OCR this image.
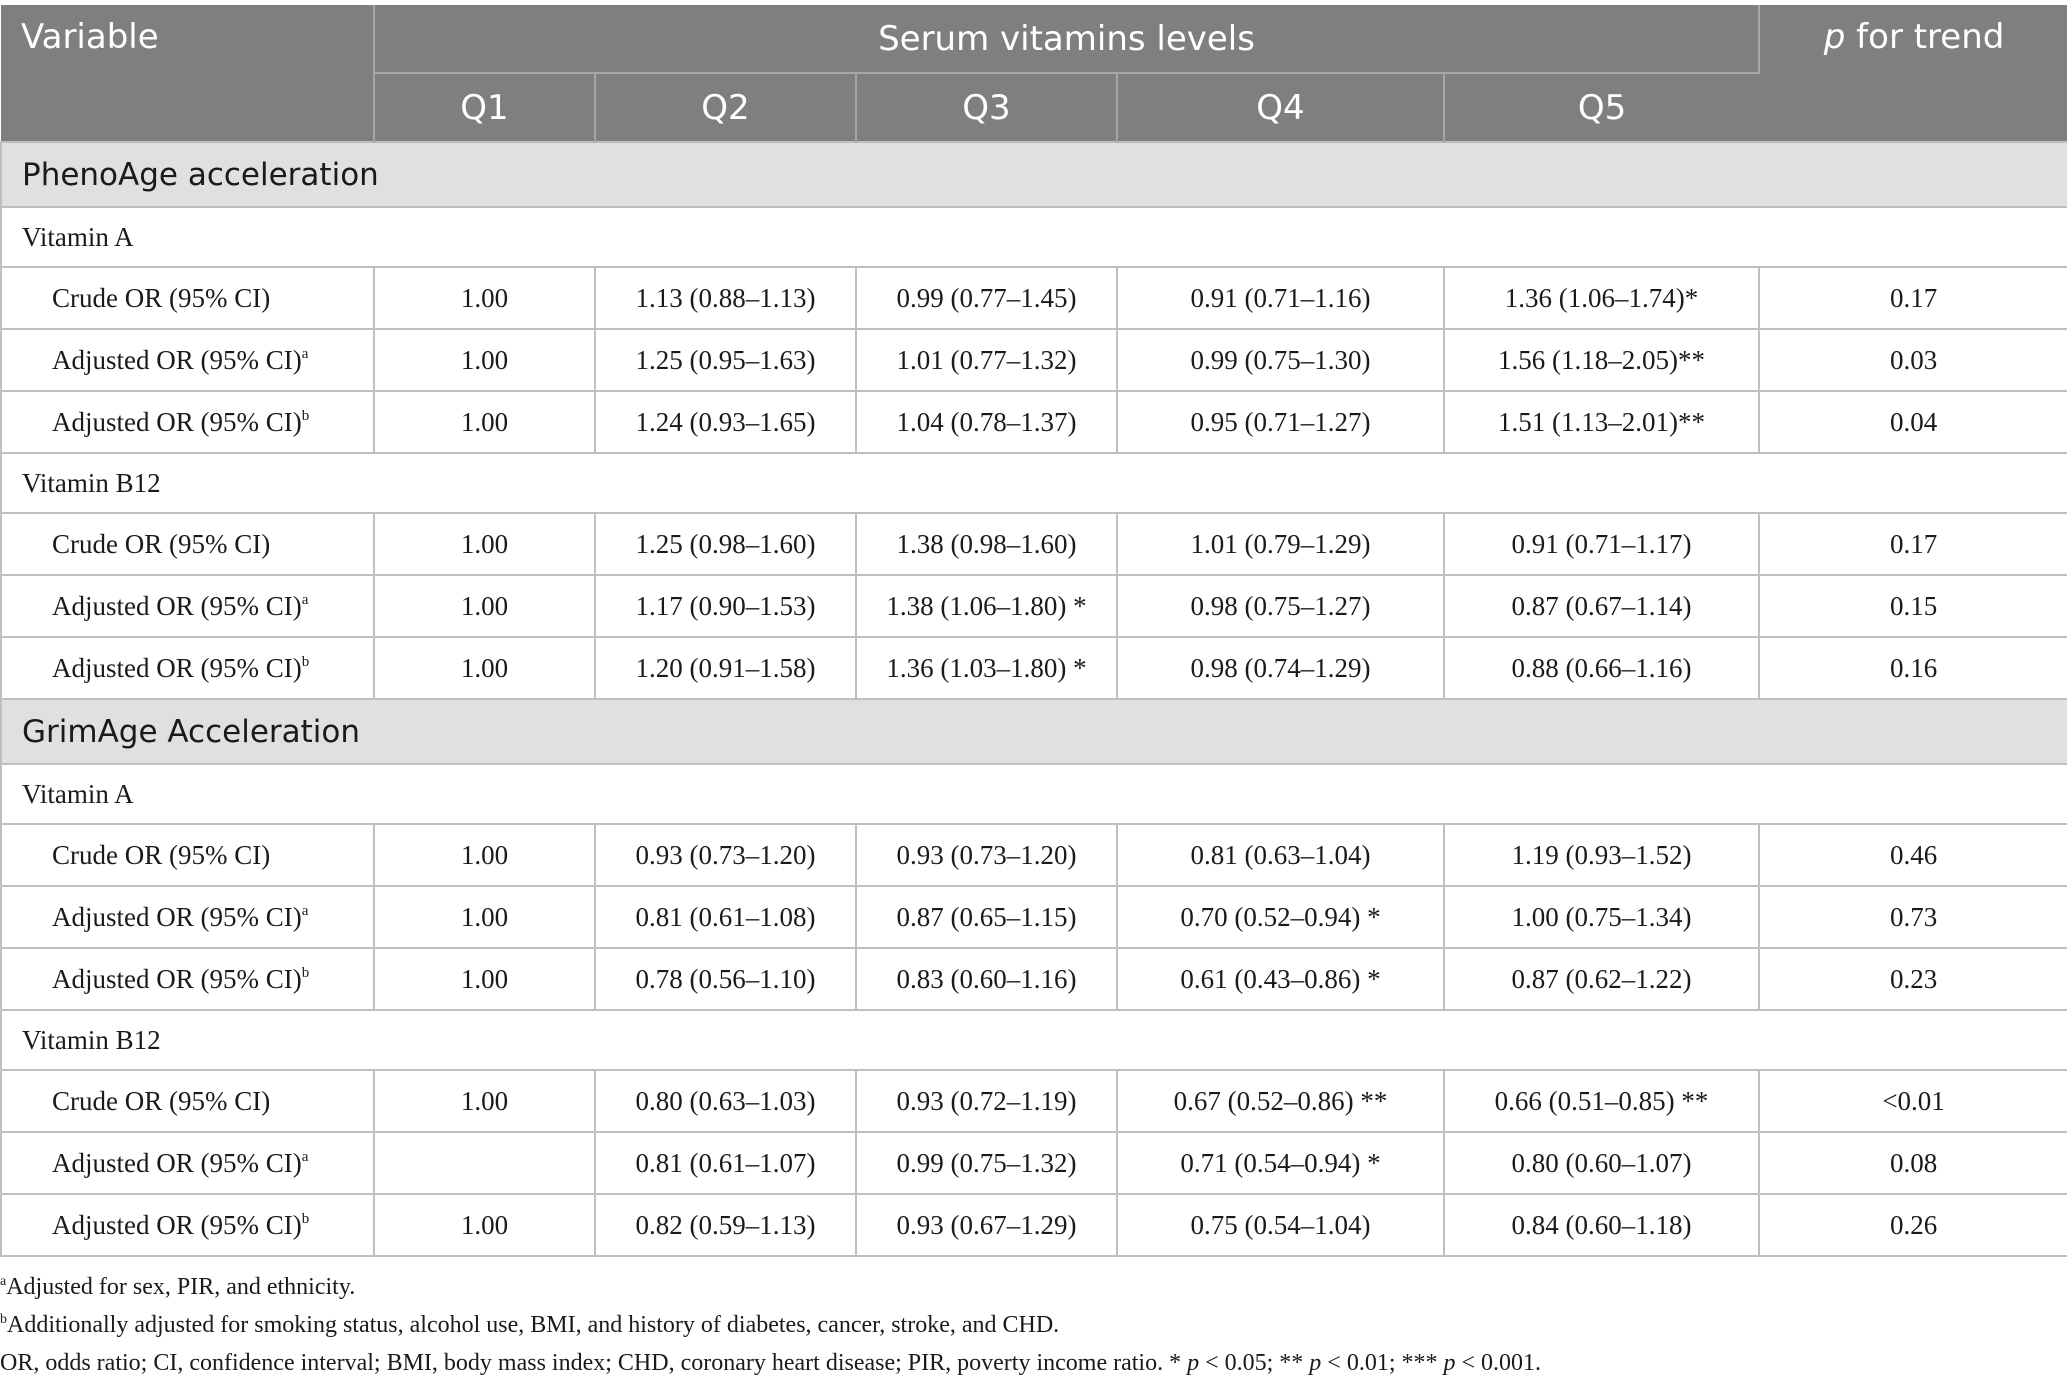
Variable	Serum vitamins levels					p for trend
	Q1	Q2	Q3	Q4	Q5	
PhenoAge acceleration						
Vitamin A						
Crude OR (95% CI)	1.00	1.13 (0.88–1.13)	0.99 (0.77–1.45)	0.91 (0.71–1.16)	1.36 (1.06–1.74)*	0.17
Adjusted OR (95% CI)$^a$	1.00	1.25 (0.95–1.63)	1.01 (0.77–1.32)	0.99 (0.75–1.30)	1.56 (1.18–2.05)**	0.03
Adjusted OR (95% CI)$^b$	1.00	1.24 (0.93–1.65)	1.04 (0.78–1.37)	0.95 (0.71–1.27)	1.51 (1.13–2.01)**	0.04
Vitamin B12						
Crude OR (95% CI)	1.00	1.25 (0.98–1.60)	1.38 (0.98–1.60)	1.01 (0.79–1.29)	0.91 (0.71–1.17)	0.17
Adjusted OR (95% CI)$^a$	1.00	1.17 (0.90–1.53)	1.38 (1.06–1.80) *	0.98 (0.75–1.27)	0.87 (0.67–1.14)	0.15
Adjusted OR (95% CI)$^b$	1.00	1.20 (0.91–1.58)	1.36 (1.03–1.80) *	0.98 (0.74–1.29)	0.88 (0.66–1.16)	0.16
GrimAge Acceleration						
Vitamin A						
Crude OR (95% CI)	1.00	0.93 (0.73–1.20)	0.93 (0.73–1.20)	0.81 (0.63–1.04)	1.19 (0.93–1.52)	0.46
Adjusted OR (95% CI)$^a$	1.00	0.81 (0.61–1.08)	0.87 (0.65–1.15)	0.70 (0.52–0.94) *	1.00 (0.75–1.34)	0.73
Adjusted OR (95% CI)$^b$	1.00	0.78 (0.56–1.10)	0.83 (0.60–1.16)	0.61 (0.43–0.86) *	0.87 (0.62–1.22)	0.23
Vitamin B12						
Crude OR (95% CI)	1.00	0.80 (0.63–1.03)	0.93 (0.72–1.19)	0.67 (0.52–0.86) **	0.66 (0.51–0.85) **	<0.01
Adjusted OR (95% CI)$^a$		0.81 (0.61–1.07)	0.99 (0.75–1.32)	0.71 (0.54–0.94) *	0.80 (0.60–1.07)	0.08
Adjusted OR (95% CI)$^b$	1.00	0.82 (0.59–1.13)	0.93 (0.67–1.29)	0.75 (0.54–1.04)	0.84 (0.60–1.18)	0.26
$^a$Adjusted for sex, PIR, and ethnicity.
$^b$Additionally adjusted for smoking status, alcohol use, BMI, and history of diabetes, cancer, stroke, and CHD.
OR, odds ratio; CI, confidence interval; BMI, body mass index; CHD, coronary heart disease; PIR, poverty income ratio. * p < 0.05; ** p < 0.01; *** p < 0.001.
